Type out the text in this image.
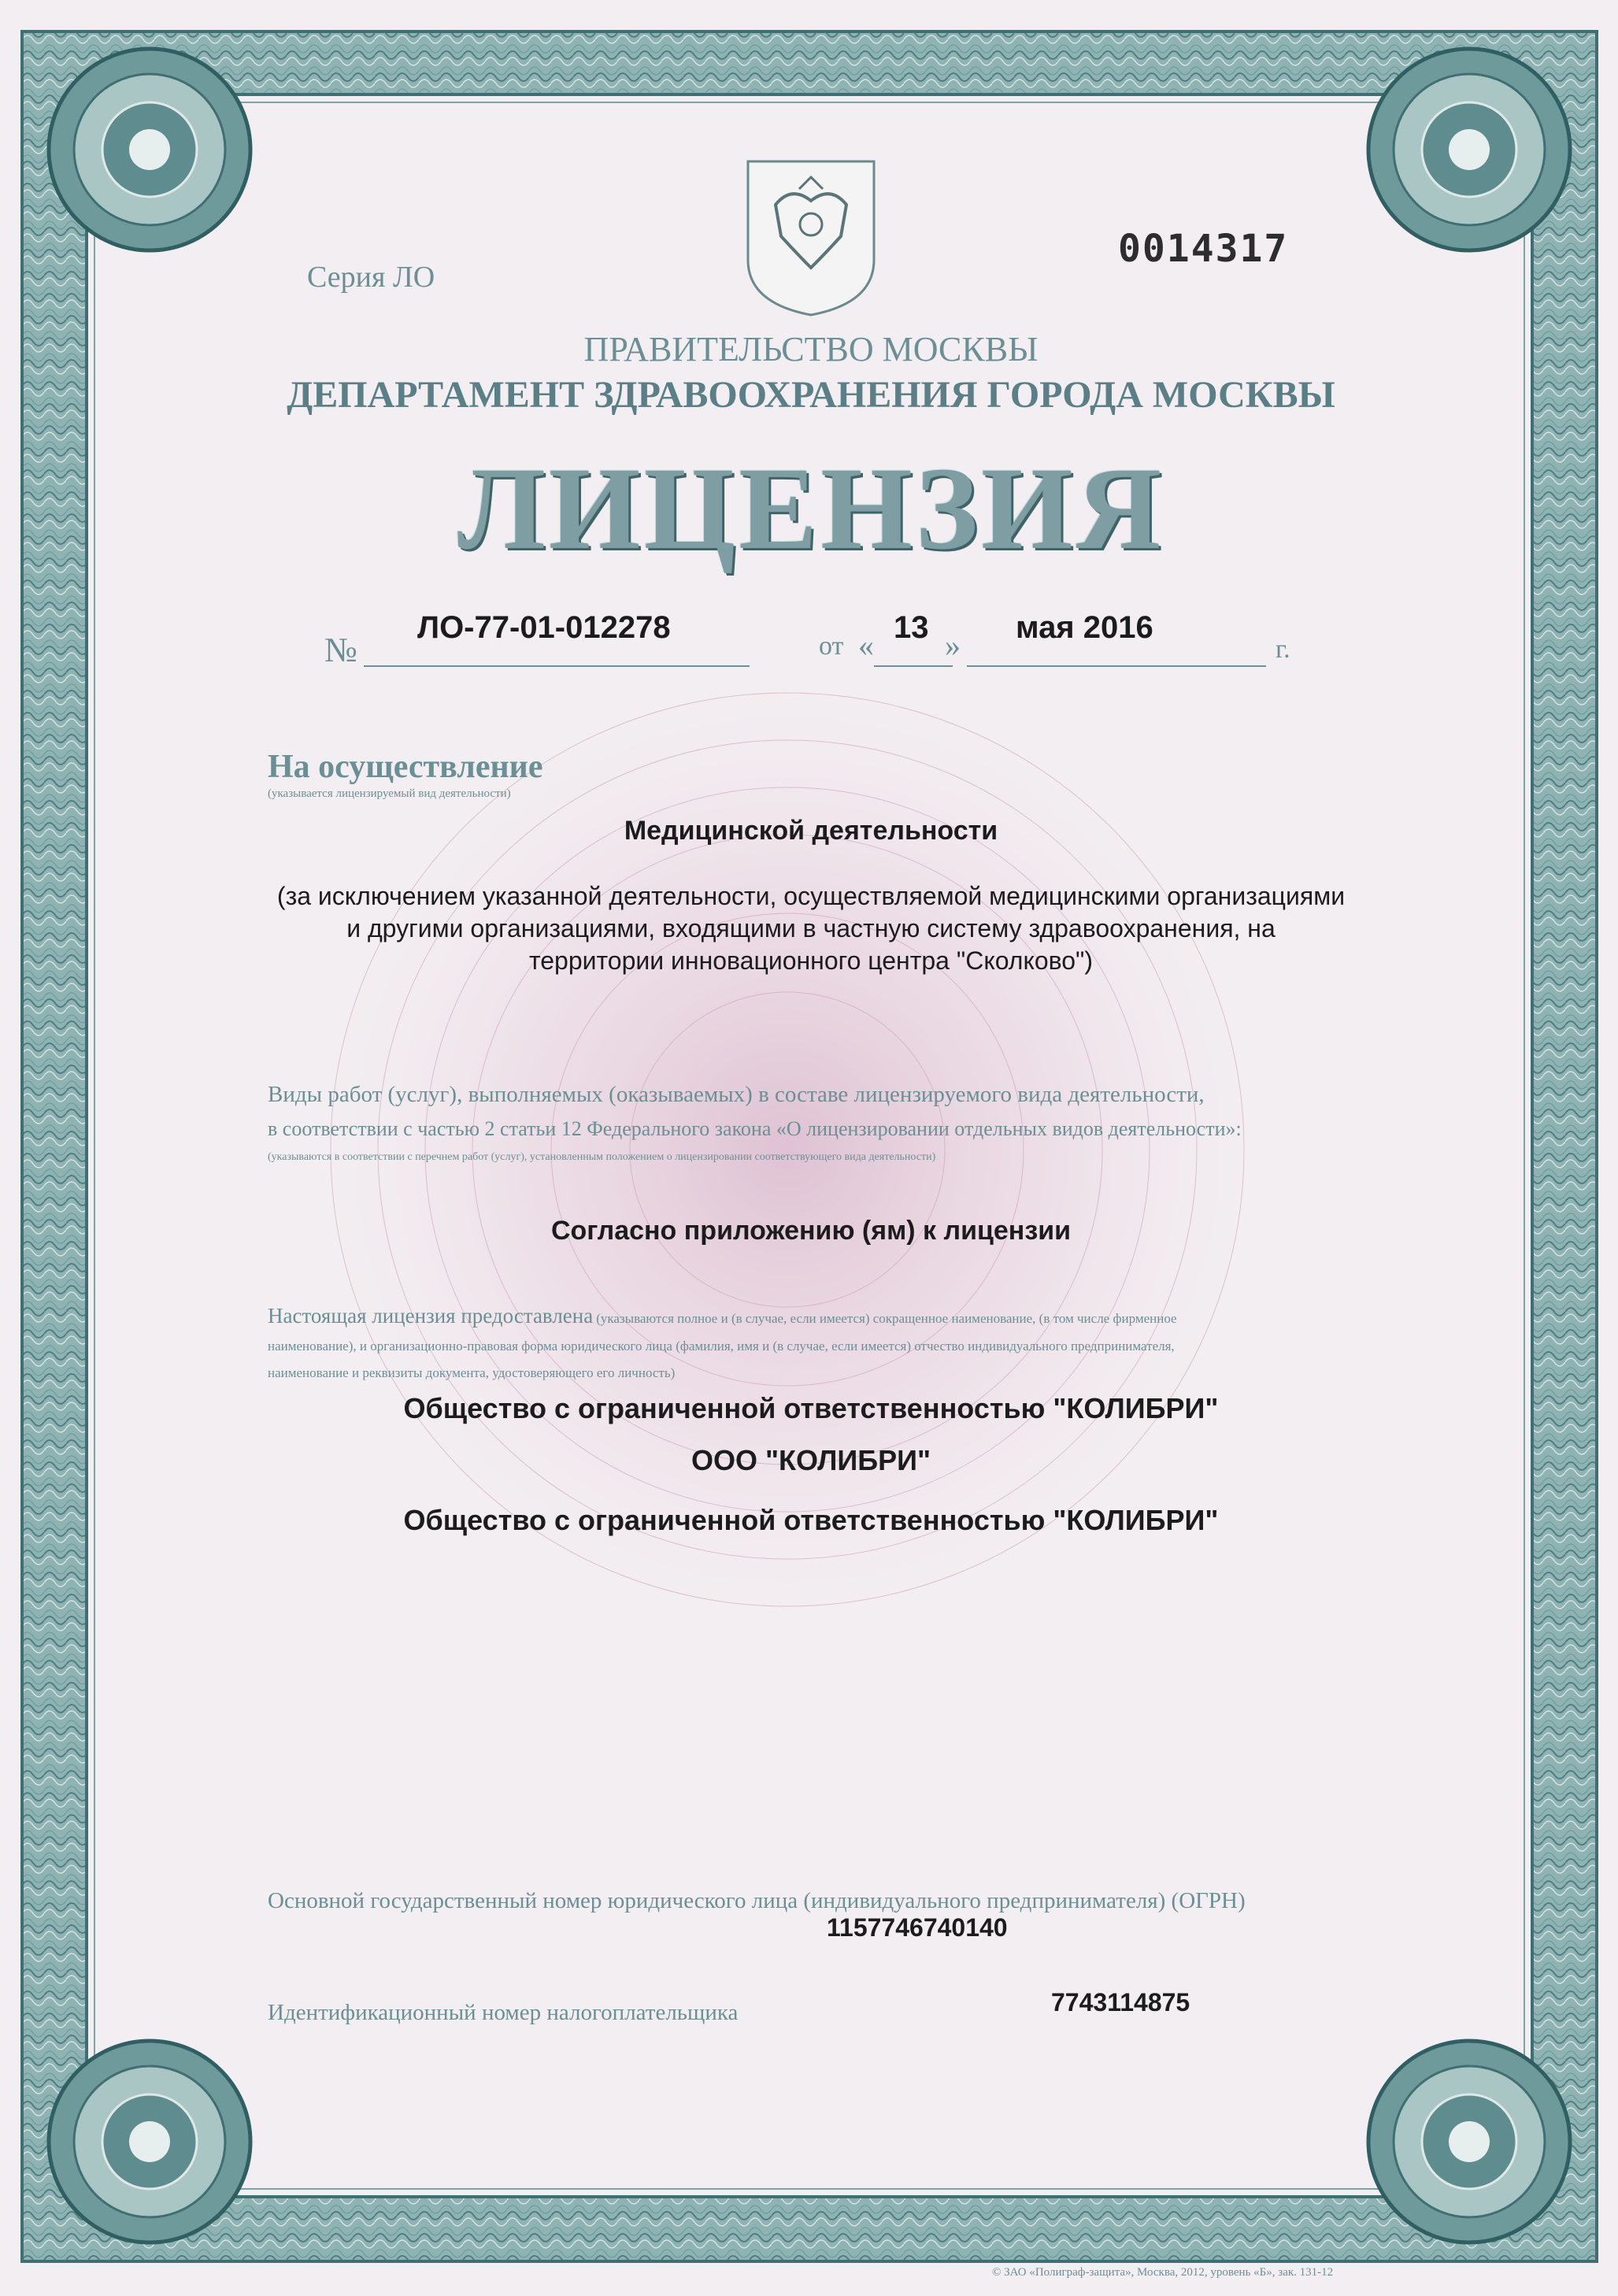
Серия ЛО
0014317
ПРАВИТЕЛЬСТВО МОСКВЫ
ДЕПАРТАМЕНТ ЗДРАВООХРАНЕНИЯ ГОРОДА МОСКВЫ
ЛИЦЕНЗИЯ
№
ЛО-77-01-012278
от « 13 » мая 2016
г.
На осуществление
(указывается лицензируемый вид деятельности)
Медицинской деятельности
(за исключением указанной деятельности, осуществляемой медицинскими организациями
и другими организациями, входящими в частную систему здравоохранения, на
территории инновационного центра "Сколково")
Виды работ (услуг), выполняемых (оказываемых) в составе лицензируемого вида деятельности,
в соответствии с частью 2 статьи 12 Федерального закона «О лицензировании отдельных видов деятельности»:
(указываются в соответствии с перечнем работ (услуг), установленным положением о лицензировании соответствующего вида деятельности)
Согласно приложению (ям) к лицензии
Настоящая лицензия предоставлена (указываются полное и (в случае, если имеется) сокращенное наименование, (в том числе фирменное
наименование), и организационно-правовая форма юридического лица (фамилия, имя и (в случае, если имеется) отчество индивидуального предпринимателя,
наименование и реквизиты документа, удостоверяющего его личность)
Общество с ограниченной ответственностью "КОЛИБРИ"
ООО "КОЛИБРИ"
Общество с ограниченной ответственностью "КОЛИБРИ"
Основной государственный номер юридического лица (индивидуального предпринимателя) (ОГРН)
1157746740140
Идентификационный номер налогоплательщика	7743114875
© ЗАО «Полиграф-защита», Москва, 2012, уровень «Б», зак. 131-12
